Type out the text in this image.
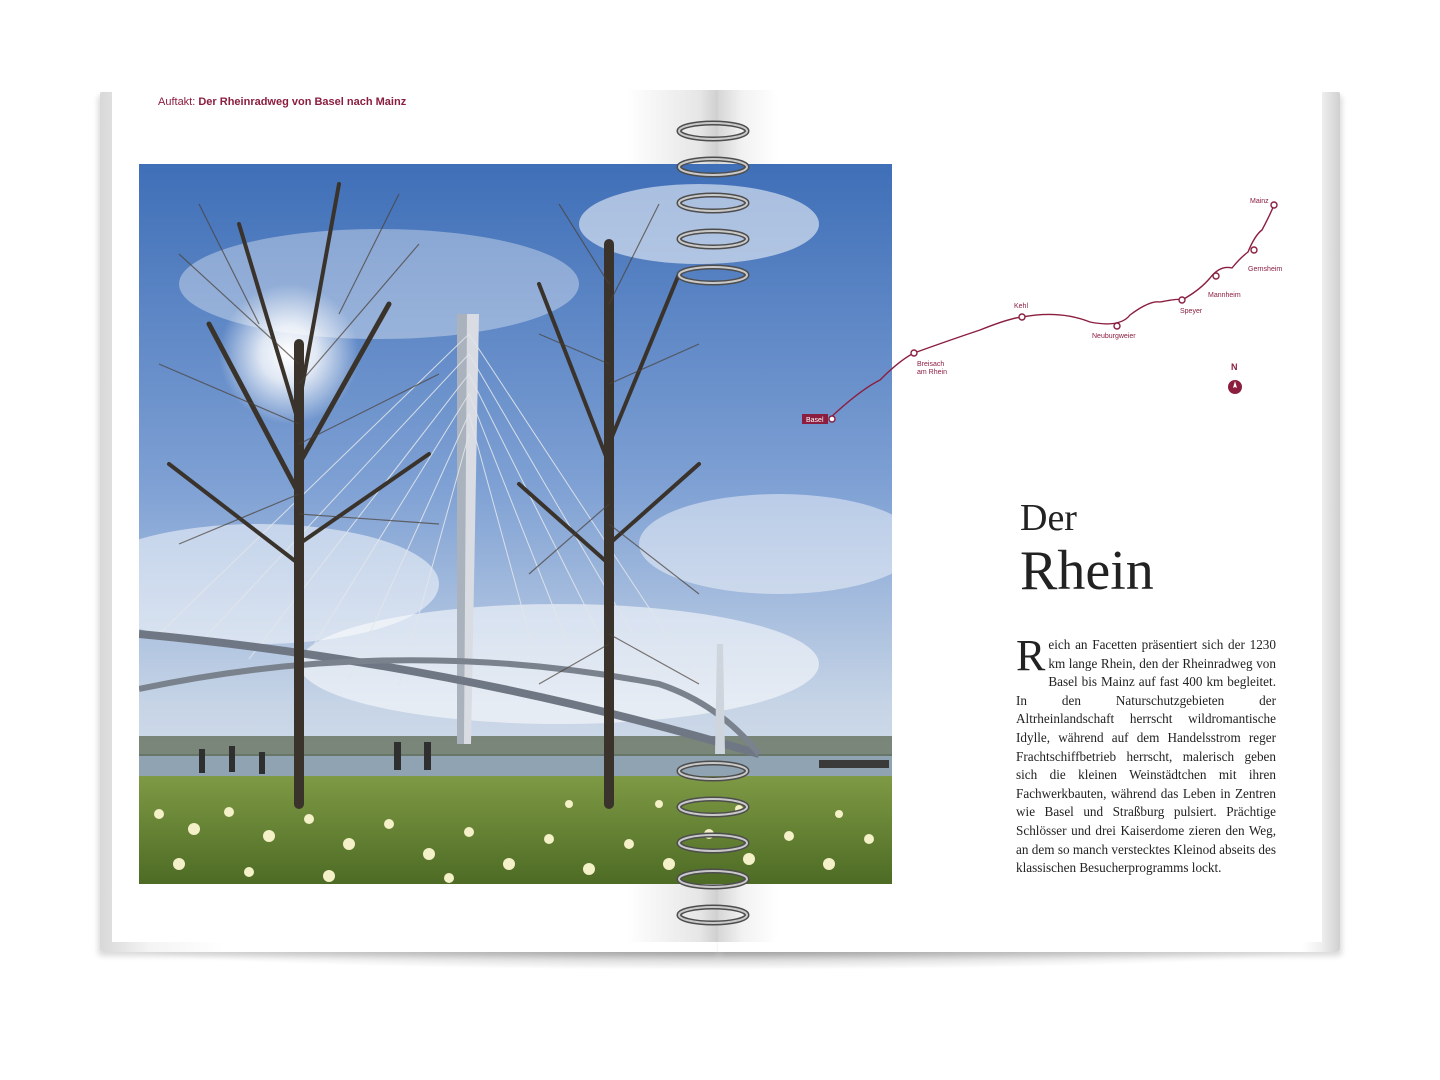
Auftakt: Der Rheinradweg von Basel nach Mainz
Basel
Breisach am Rhein
Kehl
Neuburgweier
Speyer
Mannheim
Gernsheim
Mainz
N
Der
Rhein
Reich an Facetten präsentiert sich der 1230 km lange Rhein, den der Rheinradweg von Basel bis Mainz auf fast 400 km begleitet. In den Naturschutzgebieten der Altrheinlandschaft herrscht wildromantische Idylle, während auf dem Handelsstrom reger Frachtschiffbetrieb herrscht, malerisch geben sich die kleinen Weinstädtchen mit ihren Fachwerkbauten, während das Leben in Zentren wie Basel und Straßburg pulsiert. Prächtige Schlösser und drei Kaiserdome zieren den Weg, an dem so manch verstecktes Kleinod abseits des klassischen Besucherprogramms lockt.
